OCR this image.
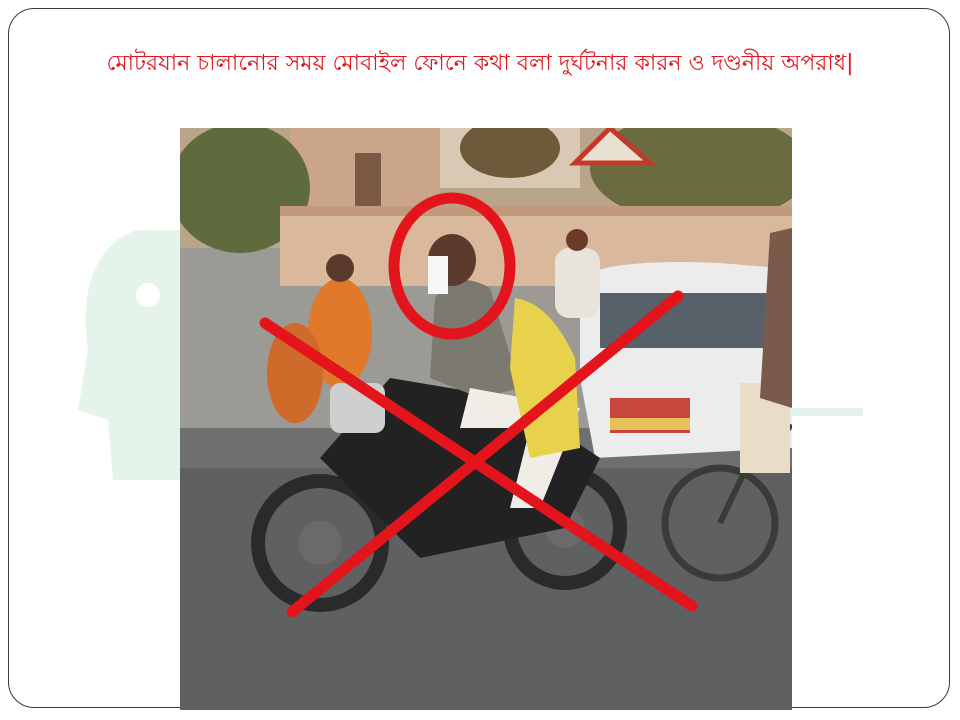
মোটরযান চালানোর সময় মোবাইল ফোনে কথা বলা দুর্ঘটনার কারন ও দণ্ডনীয় অপরাধ|
